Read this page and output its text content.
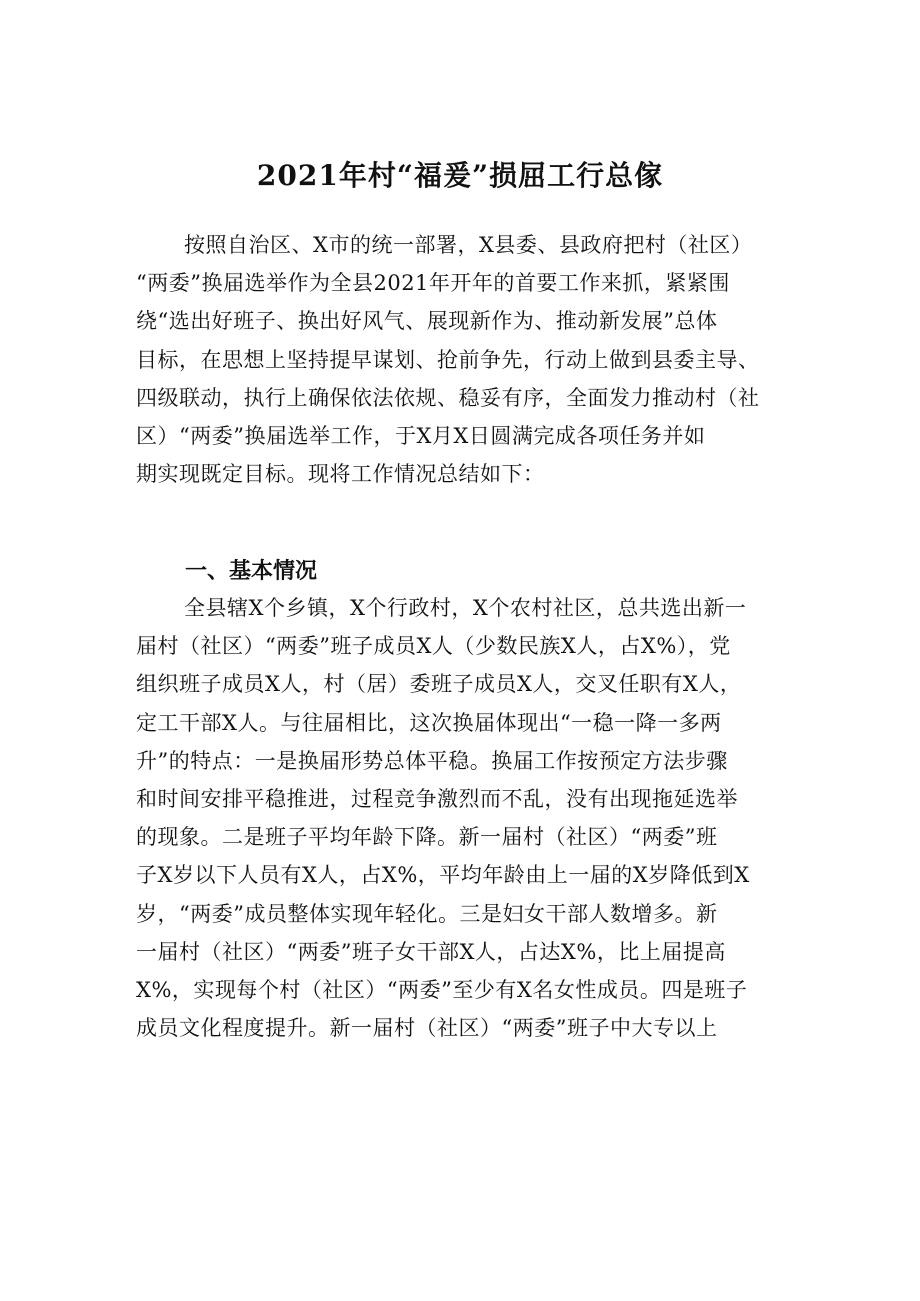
2021年村“福爰”损屈工行总傢
按照自治区、X市的统一部署，X县委、县政府把村（社区）
“两委”换届选举作为全县2021年开年的首要工作来抓，紧紧围
绕“选出好班子、换出好风气、展现新作为、推动新发展”总体
目标，在思想上坚持提早谋划、抢前争先，行动上做到县委主导、
四级联动，执行上确保依法依规、稳妥有序，全面发力推动村（社
区）“两委”换届选举工作，于X月X日圆满完成各项任务并如
期实现既定目标。现将工作情况总结如下：
一、基本情况
全县辖X个乡镇，X个行政村，X个农村社区，总共选出新一
届村（社区）“两委”班子成员X人（少数民族X人，占X%），党
组织班子成员X人，村（居）委班子成员X人，交叉任职有X人，
定工干部X人。与往届相比，这次换届体现出“一稳一降一多两
升”的特点：一是换届形势总体平稳。换届工作按预定方法步骤
和时间安排平稳推进，过程竞争激烈而不乱，没有出现拖延选举
的现象。二是班子平均年龄下降。新一届村（社区）“两委”班
子X岁以下人员有X人，占X%，平均年龄由上一届的X岁降低到X
岁，“两委”成员整体实现年轻化。三是妇女干部人数增多。新
一届村（社区）“两委”班子女干部X人，占达X%，比上届提高
X%，实现每个村（社区）“两委”至少有X名女性成员。四是班子
成员文化程度提升。新一届村（社区）“两委”班子中大专以上
